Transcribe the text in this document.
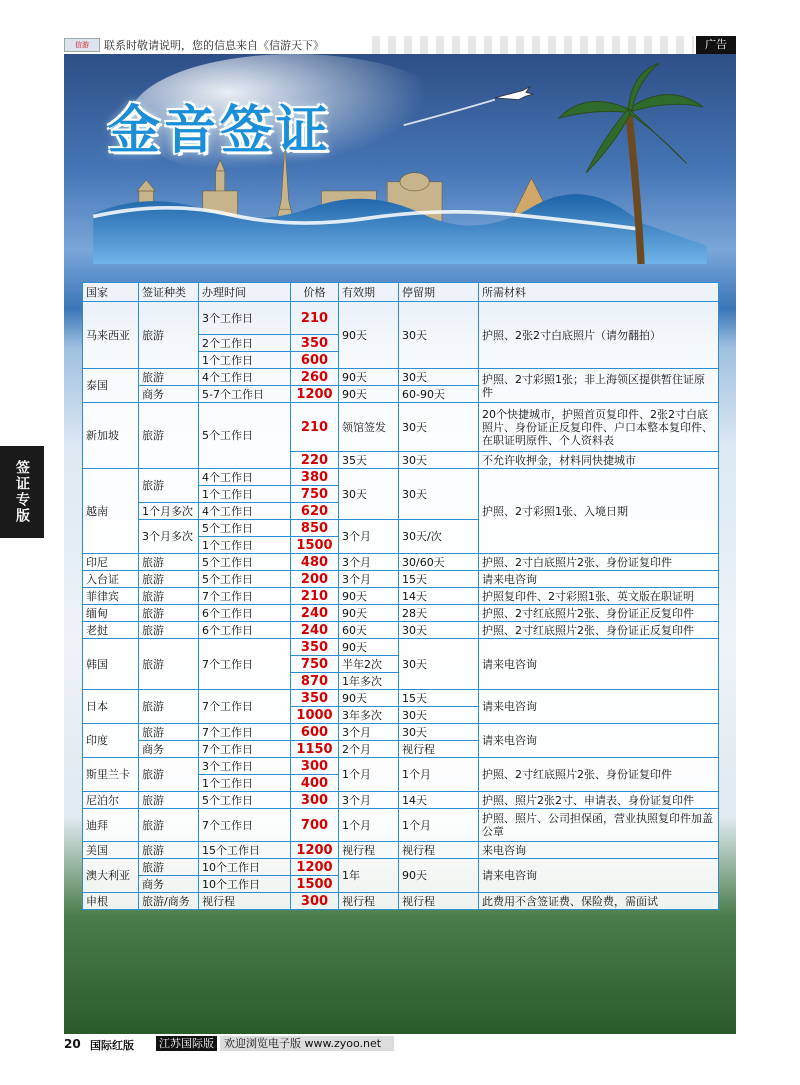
信游	联系时敬请说明，您的信息来自《信游天下》	广告
签证专版
金音签证
国家	签证种类	办理时间	价格	有效期	停留期	所需材料
马来西亚	旅游	3个工作日	210	90天	30天	护照、2张2寸白底照片（请勿翻拍）
		2个工作日	350			
		1个工作日	600			
泰国	旅游	4个工作日	260	90天	30天	护照、2寸彩照1张；非上海领区提供暂住证原件
	商务	5-7个工作日	1200	90天	60-90天	
新加坡	旅游	5个工作日	210	领馆签发	30天	20个快捷城市，护照首页复印件、2张2寸白底照片、身份证正反复印件、户口本整本复印件、在职证明原件、个人资料表
			220	35天	30天	不允许收押金，材料同快捷城市
越南	旅游	4个工作日	380	30天	30天	护照、2寸彩照1张、入境日期
		1个工作日	750			
	1个月多次	4个工作日	620			
	3个月多次	5个工作日	850	3个月	30天/次	
		1个工作日	1500			
印尼	旅游	5个工作日	480	3个月	30/60天	护照、2寸白底照片2张、身份证复印件
入台证	旅游	5个工作日	200	3个月	15天	请来电咨询
菲律宾	旅游	7个工作日	210	90天	14天	护照复印件、2寸彩照1张、英文版在职证明
缅甸	旅游	6个工作日	240	90天	28天	护照、2寸红底照片2张、身份证正反复印件
老挝	旅游	6个工作日	240	60天	30天	护照、2寸红底照片2张、身份证正反复印件
韩国	旅游	7个工作日	350	90天	30天	请来电咨询
			750	半年2次		
			870	1年多次		
日本	旅游	7个工作日	350	90天	15天	请来电咨询
			1000	3年多次	30天	
印度	旅游	7个工作日	600	3个月	30天	请来电咨询
	商务	7个工作日	1150	2个月	视行程	
斯里兰卡	旅游	3个工作日	300	1个月	1个月	护照、2寸红底照片2张、身份证复印件
		1个工作日	400			
尼泊尔	旅游	5个工作日	300	3个月	14天	护照、照片2张2寸、申请表、身份证复印件
迪拜	旅游	7个工作日	700	1个月	1个月	护照、照片、公司担保函，营业执照复印件加盖公章
美国	旅游	15个工作日	1200	视行程	视行程	来电咨询
澳大利亚	旅游	10个工作日	1200	1年	90天	请来电咨询
	商务	10个工作日	1500			
申根	旅游/商务	视行程	300	视行程	视行程	此费用不含签证费、保险费，需面试
20 国际红版 江苏国际版 欢迎浏览电子版 www.zyoo.net
